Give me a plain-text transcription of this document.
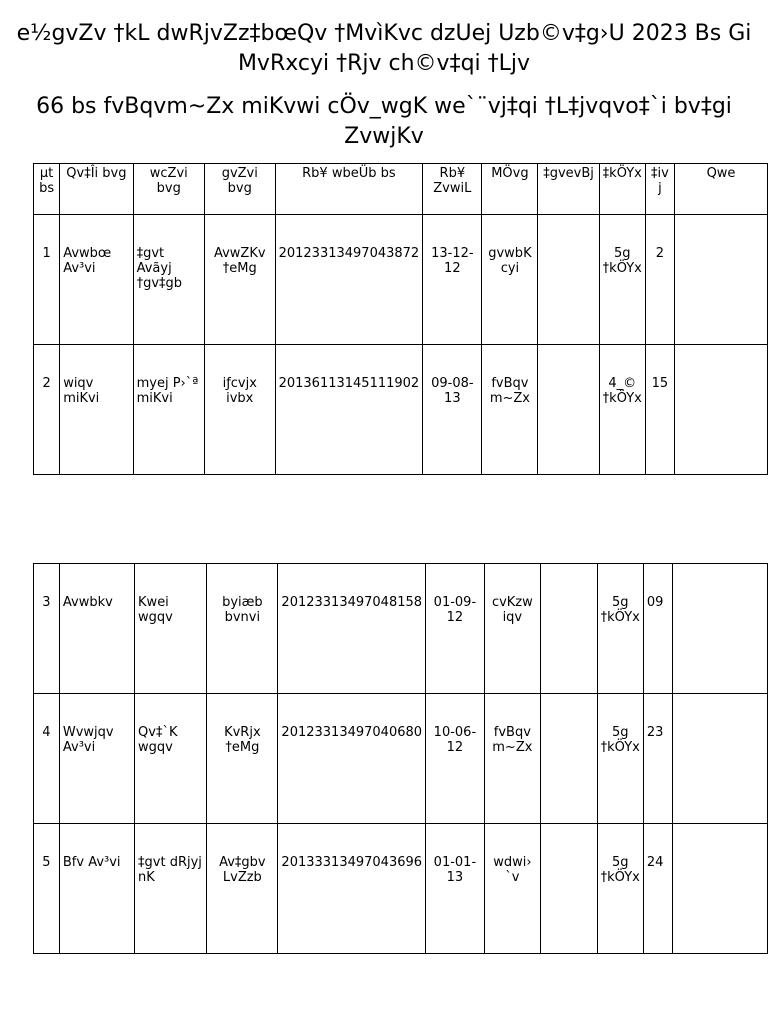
e½gvZv †kL dwRjvZz‡bœQv †MvìKvc dzUej Uzb©v‡g›U 2023 Bs Gi MvRxcyi †Rjv ch©v‡qi †Ljv
66 bs fvBqvm~Zx miKvwi cÖv_wgK we`¨vj‡qi †L‡jvqvo‡`i bv‡gi ZvwjKv
µt bs	Qv‡Îi bvg	wcZvi bvg	gvZvi bvg	Rb¥ wbeÜb bs	Rb¥ ZvwiL	MÖvg	‡gvevBj	‡kÖYx	‡iv j	Qwe
1	Avwbœ Av³vi	‡gvt Avãyj †gv‡gb	AvwZKv †eMg	20123313497043872	13-12-12	gvwbK cyi		5g †kÖYx	2	
2	wiqv miKvi	myej P›`ª miKvi	iƒcvjx ivbx	20136113145111902	09-08-13	fvBqv m~Zx		4_© †kÖYx	15	
3	Avwbkv	Kwei wgqv	byiæb bvnvi	20123313497048158	01-09-12	cvKzw iqv		5g †kÖYx	09	
4	Wvwjqv Av³vi	Qv‡`K wgqv	KvRjx †eMg	20123313497040680	10-06-12	fvBqv m~Zx		5g †kÖYx	23	
5	Bfv Av³vi	‡gvt dRjyj nK	Av‡gbv LvZzb	20133313497043696	01-01-13	wdwi› `v		5g †kÖYx	24	
